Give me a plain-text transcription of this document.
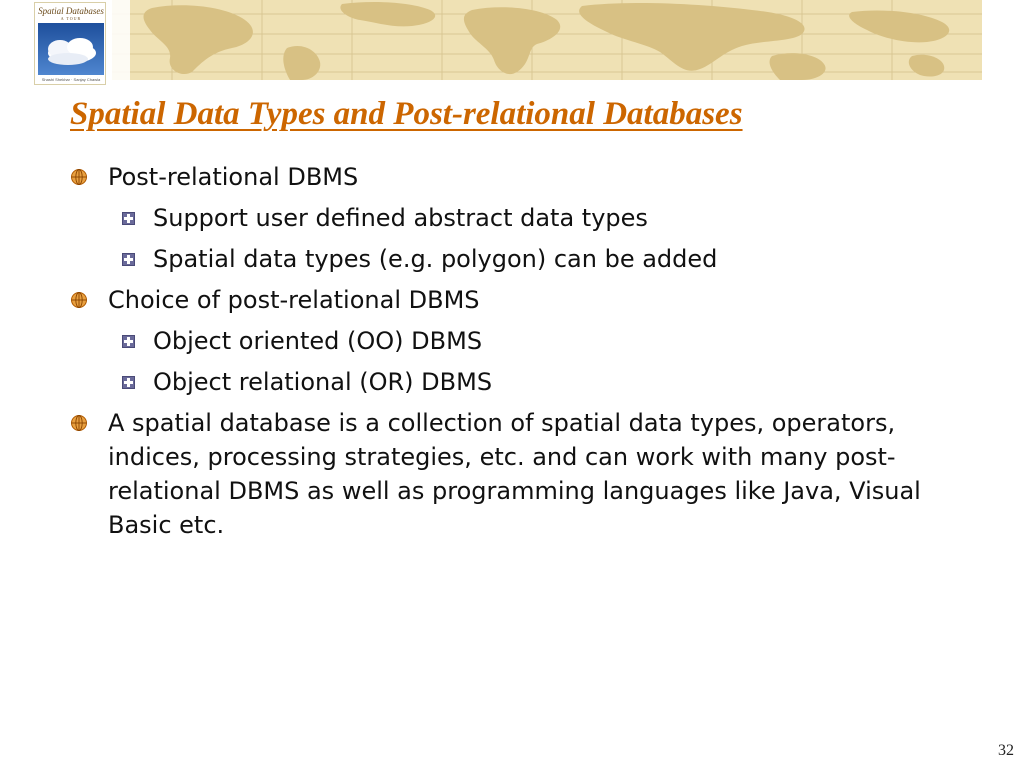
Spatial Databases
A TOUR
Shashi Shekhar · Sanjay Chawla
Spatial Data Types and Post-relational Databases
Post-relational DBMS
Support user defined abstract data types
Spatial data types (e.g. polygon) can be added
Choice of post-relational DBMS
Object oriented (OO) DBMS
Object relational (OR) DBMS
A spatial database is a collection of spatial data types, operators, indices, processing strategies, etc. and can work with many post-relational DBMS as well as programming languages like Java, Visual Basic etc.
32
